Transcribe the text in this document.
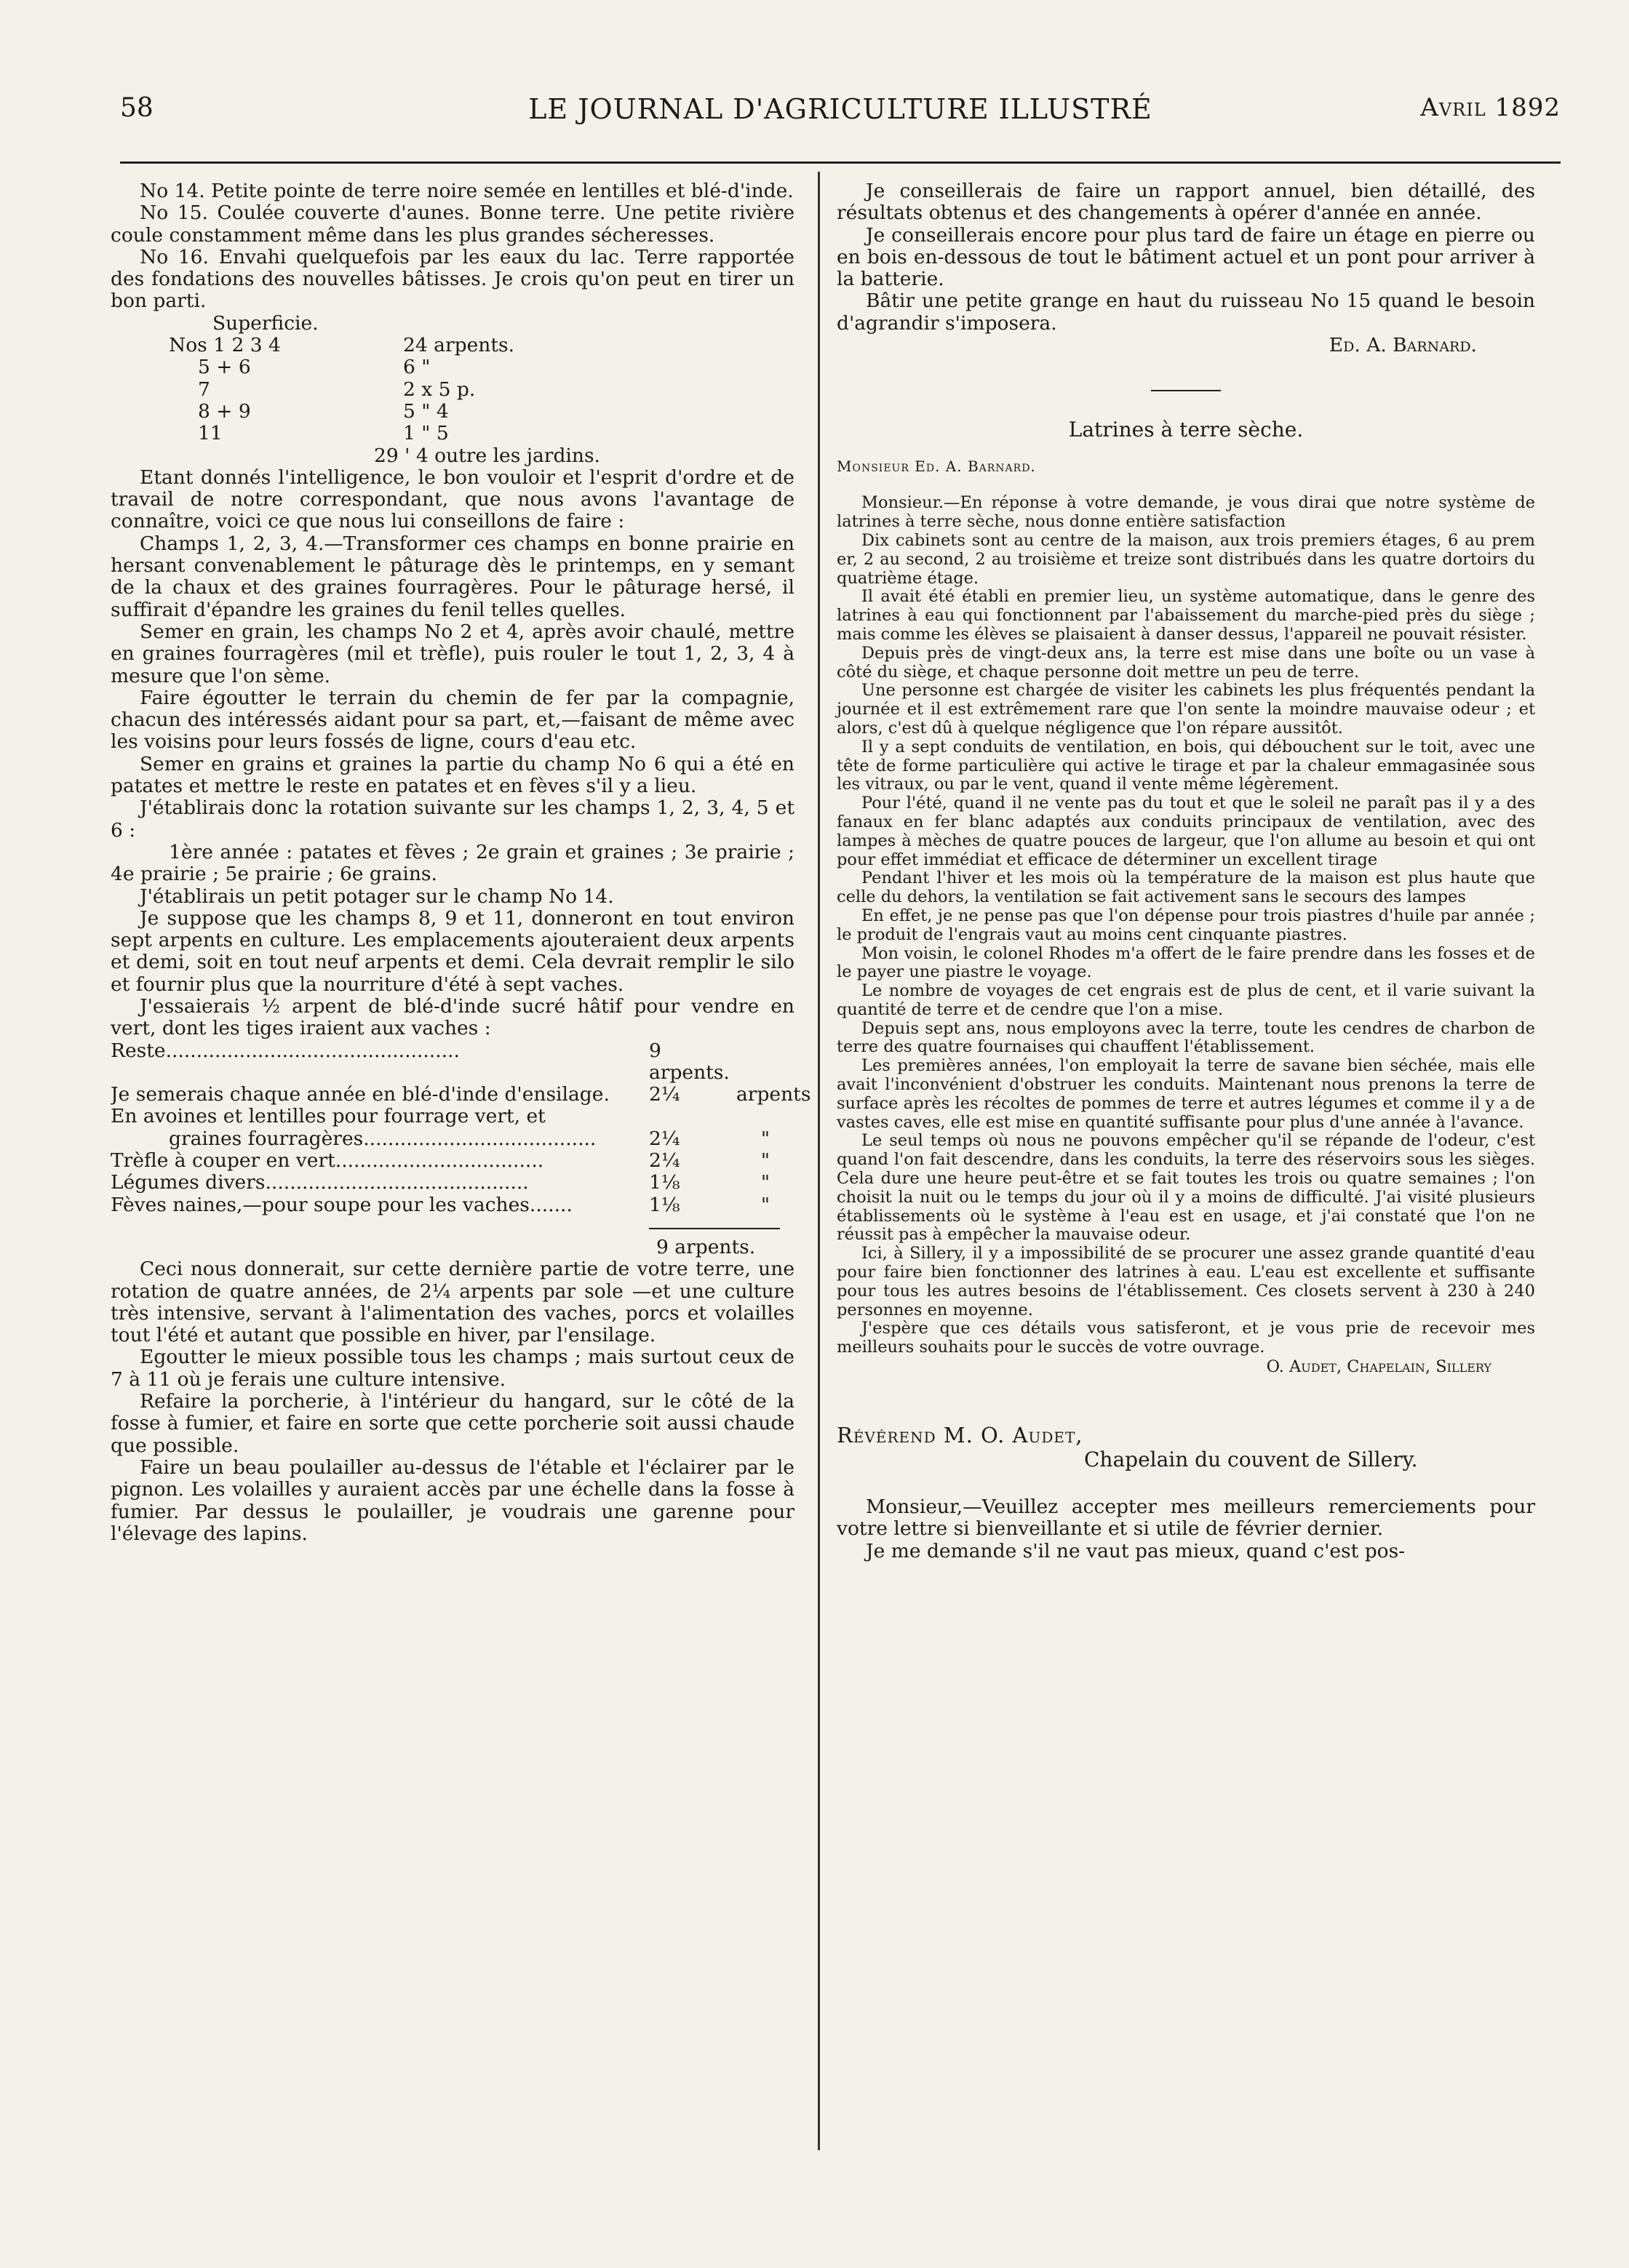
58	LE JOURNAL D'AGRICULTURE ILLUSTRÉ	Avril 1892

No 14. Petite pointe de terre noire semée en lentilles et blé-d'inde.

No 15. Coulée couverte d'aunes. Bonne terre. Une petite rivière coule constamment même dans les plus grandes sécheresses.

No 16. Envahi quelquefois par les eaux du lac. Terre rapportée des fondations des nouvelles bâtisses. Je crois qu'on peut en tirer un bon parti.

Superficie.
Nos 1 2 3 4	24 arpents.
5 + 6	6 "
7	2 x 5 p.
8 + 9	5 " 4
11	1 " 5
29 ' 4 outre les jardins.

Etant donnés l'intelligence, le bon vouloir et l'esprit d'ordre et de travail de notre correspondant, que nous avons l'avantage de connaître, voici ce que nous lui conseillons de faire :

Champs 1, 2, 3, 4.—Transformer ces champs en bonne prairie en hersant convenablement le pâturage dès le printemps, en y semant de la chaux et des graines fourragères. Pour le pâturage hersé, il suffirait d'épandre les graines du fenil telles quelles.

Semer en grain, les champs No 2 et 4, après avoir chaulé, mettre en graines fourragères (mil et trèfle), puis rouler le tout 1, 2, 3, 4 à mesure que l'on sème.

Faire égoutter le terrain du chemin de fer par la compagnie, chacun des intéressés aidant pour sa part, et,—faisant de même avec les voisins pour leurs fossés de ligne, cours d'eau etc.

Semer en grains et graines la partie du champ No 6 qui a été en patates et mettre le reste en patates et en fèves s'il y a lieu.

J'établirais donc la rotation suivante sur les champs 1, 2, 3, 4, 5 et 6 :

1ère année : patates et fèves ; 2e grain et graines ; 3e prairie ; 4e prairie ; 5e prairie ; 6e grains.

J'établirais un petit potager sur le champ No 14.

Je suppose que les champs 8, 9 et 11, donneront en tout environ sept arpents en culture. Les emplacements ajouteraient deux arpents et demi, soit en tout neuf arpents et demi. Cela devrait remplir le silo et fournir plus que la nourriture d'été à sept vaches.

J'essaierais ½ arpent de blé-d'inde sucré hâtif pour vendre en vert, dont les tiges iraient aux vaches :

Reste................................................	9 arpents.
Je semerais chaque année en blé-d'inde d'ensilage.	2¼	arpents
En avoines et lentilles pour fourrage vert, et
graines fourragères......................................	2¼	"
Trèfle à couper en vert..................................	2¼	"
Légumes divers...........................................	1⅛	"
Fèves naines,—pour soupe pour les vaches.......	1⅛	"
9 arpents.

Ceci nous donnerait, sur cette dernière partie de votre terre, une rotation de quatre années, de 2¼ arpents par sole —et une culture très intensive, servant à l'alimentation des vaches, porcs et volailles tout l'été et autant que possible en hiver, par l'ensilage.

Egoutter le mieux possible tous les champs ; mais surtout ceux de 7 à 11 où je ferais une culture intensive.

Refaire la porcherie, à l'intérieur du hangard, sur le côté de la fosse à fumier, et faire en sorte que cette porcherie soit aussi chaude que possible.

Faire un beau poulailler au-dessus de l'étable et l'éclairer par le pignon. Les volailles y auraient accès par une échelle dans la fosse à fumier. Par dessus le poulailler, je voudrais une garenne pour l'élevage des lapins.

Je conseillerais de faire un rapport annuel, bien détaillé, des résultats obtenus et des changements à opérer d'année en année.

Je conseillerais encore pour plus tard de faire un étage en pierre ou en bois en-dessous de tout le bâtiment actuel et un pont pour arriver à la batterie.

Bâtir une petite grange en haut du ruisseau No 15 quand le besoin d'agrandir s'imposera.

Ed. A. Barnard.
Latrines à terre sèche.
Monsieur Ed. A. Barnard.

Monsieur.—En réponse à votre demande, je vous dirai que notre système de latrines à terre sèche, nous donne entière satisfaction

Dix cabinets sont au centre de la maison, aux trois premiers étages, 6 au prem er, 2 au second, 2 au troisième et treize sont distribués dans les quatre dortoirs du quatrième étage.

Il avait été établi en premier lieu, un système automatique, dans le genre des latrines à eau qui fonctionnent par l'abaissement du marche-pied près du siège ; mais comme les élèves se plaisaient à danser dessus, l'appareil ne pouvait résister.

Depuis près de vingt-deux ans, la terre est mise dans une boîte ou un vase à côté du siège, et chaque personne doit mettre un peu de terre.

Une personne est chargée de visiter les cabinets les plus fréquentés pendant la journée et il est extrêmement rare que l'on sente la moindre mauvaise odeur ; et alors, c'est dû à quelque négligence que l'on répare aussitôt.

Il y a sept conduits de ventilation, en bois, qui débouchent sur le toit, avec une tête de forme particulière qui active le tirage et par la chaleur emmagasinée sous les vitraux, ou par le vent, quand il vente même légèrement.

Pour l'été, quand il ne vente pas du tout et que le soleil ne paraît pas il y a des fanaux en fer blanc adaptés aux conduits principaux de ventilation, avec des lampes à mèches de quatre pouces de largeur, que l'on allume au besoin et qui ont pour effet immédiat et efficace de déterminer un excellent tirage

Pendant l'hiver et les mois où la température de la maison est plus haute que celle du dehors, la ventilation se fait activement sans le secours des lampes

En effet, je ne pense pas que l'on dépense pour trois piastres d'huile par année ; le produit de l'engrais vaut au moins cent cinquante piastres.

Mon voisin, le colonel Rhodes m'a offert de le faire prendre dans les fosses et de le payer une piastre le voyage.

Le nombre de voyages de cet engrais est de plus de cent, et il varie suivant la quantité de terre et de cendre que l'on a mise.

Depuis sept ans, nous employons avec la terre, toute les cendres de charbon de terre des quatre fournaises qui chauffent l'établissement.

Les premières années, l'on employait la terre de savane bien séchée, mais elle avait l'inconvénient d'obstruer les conduits. Maintenant nous prenons la terre de surface après les récoltes de pommes de terre et autres légumes et comme il y a de vastes caves, elle est mise en quantité suffisante pour plus d'une année à l'avance.

Le seul temps où nous ne pouvons empêcher qu'il se répande de l'odeur, c'est quand l'on fait descendre, dans les conduits, la terre des réservoirs sous les sièges. Cela dure une heure peut-être et se fait toutes les trois ou quatre semaines ; l'on choisit la nuit ou le temps du jour où il y a moins de difficulté. J'ai visité plusieurs établissements où le système à l'eau est en usage, et j'ai constaté que l'on ne réussit pas à empêcher la mauvaise odeur.

Ici, à Sillery, il y a impossibilité de se procurer une assez grande quantité d'eau pour faire bien fonctionner des latrines à eau. L'eau est excellente et suffisante pour tous les autres besoins de l'établissement. Ces closets servent à 230 à 240 personnes en moyenne.

J'espère que ces détails vous satisferont, et je vous prie de recevoir mes meilleurs souhaits pour le succès de votre ouvrage.

O. Audet, Chapelain, Sillery
Révérend M. O. Audet,
Chapelain du couvent de Sillery.

Monsieur,—Veuillez accepter mes meilleurs remerciements pour votre lettre si bienveillante et si utile de février dernier.

Je me demande s'il ne vaut pas mieux, quand c'est pos-
